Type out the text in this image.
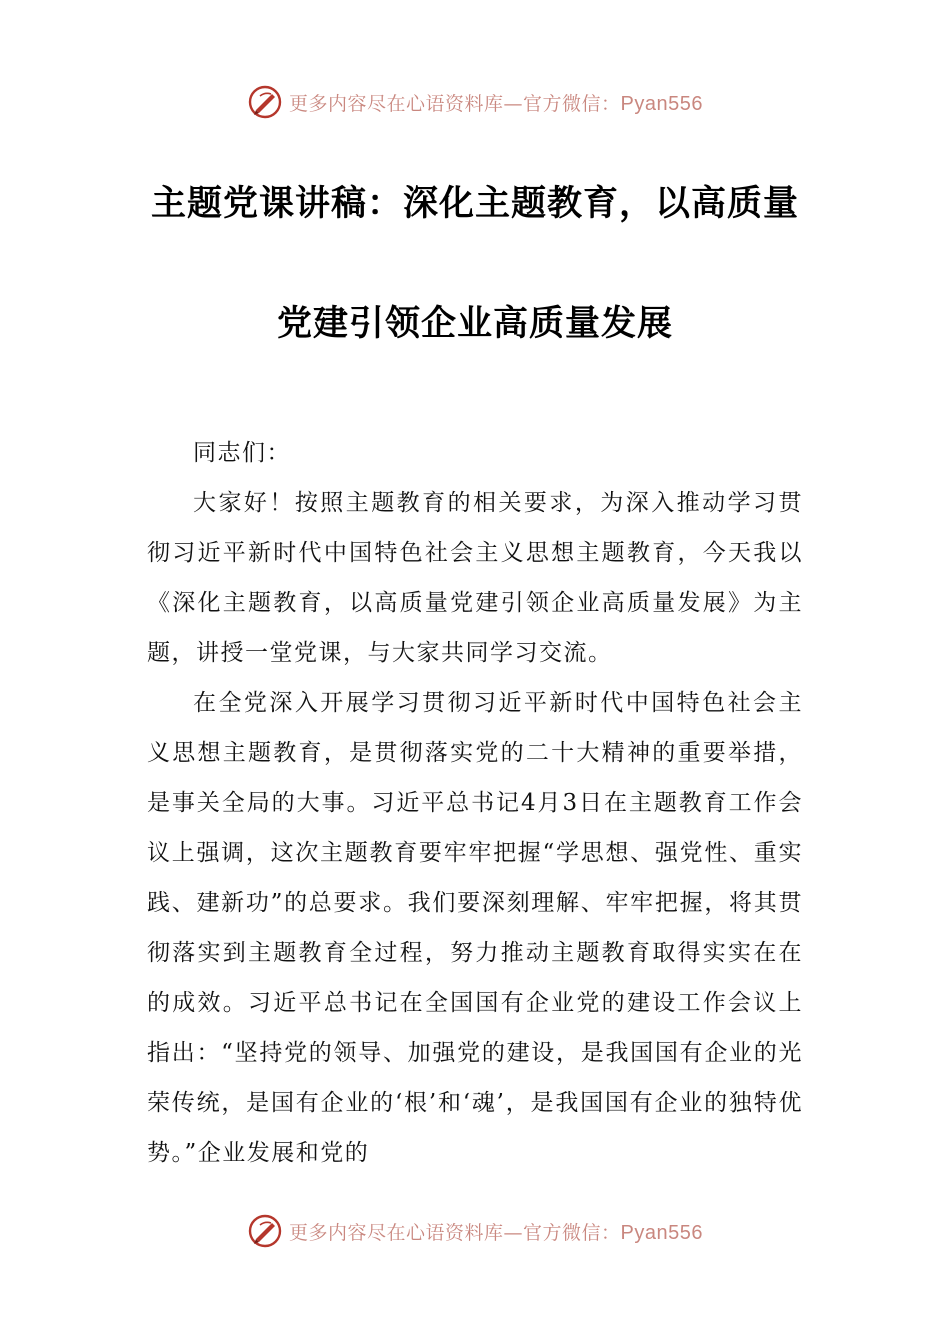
更多内容尽在心语资料库—官方微信：Pyan556
主题党课讲稿：深化主题教育，以高质量
党建引领企业高质量发展

同志们：

大家好！按照主题教育的相关要求，为深入推动学习贯彻习近平新时代中国特色社会主义思想主题教育，今天我以《深化主题教育，以高质量党建引领企业高质量发展》为主题，讲授一堂党课，与大家共同学习交流。

在全党深入开展学习贯彻习近平新时代中国特色社会主义思想主题教育，是贯彻落实党的二十大精神的重要举措，是事关全局的大事。习近平总书记4月3日在主题教育工作会议上强调，这次主题教育要牢牢把握“学思想、强党性、重实践、建新功”的总要求。我们要深刻理解、牢牢把握，将其贯彻落实到主题教育全过程，努力推动主题教育取得实实在在的成效。习近平总书记在全国国有企业党的建设工作会议上指出：“坚持党的领导、加强党的建设，是我国国有企业的光荣传统，是国有企业的‘根’和‘魂’，是我国国有企业的独特优势。”企业发展和党的

更多内容尽在心语资料库—官方微信：Pyan556
